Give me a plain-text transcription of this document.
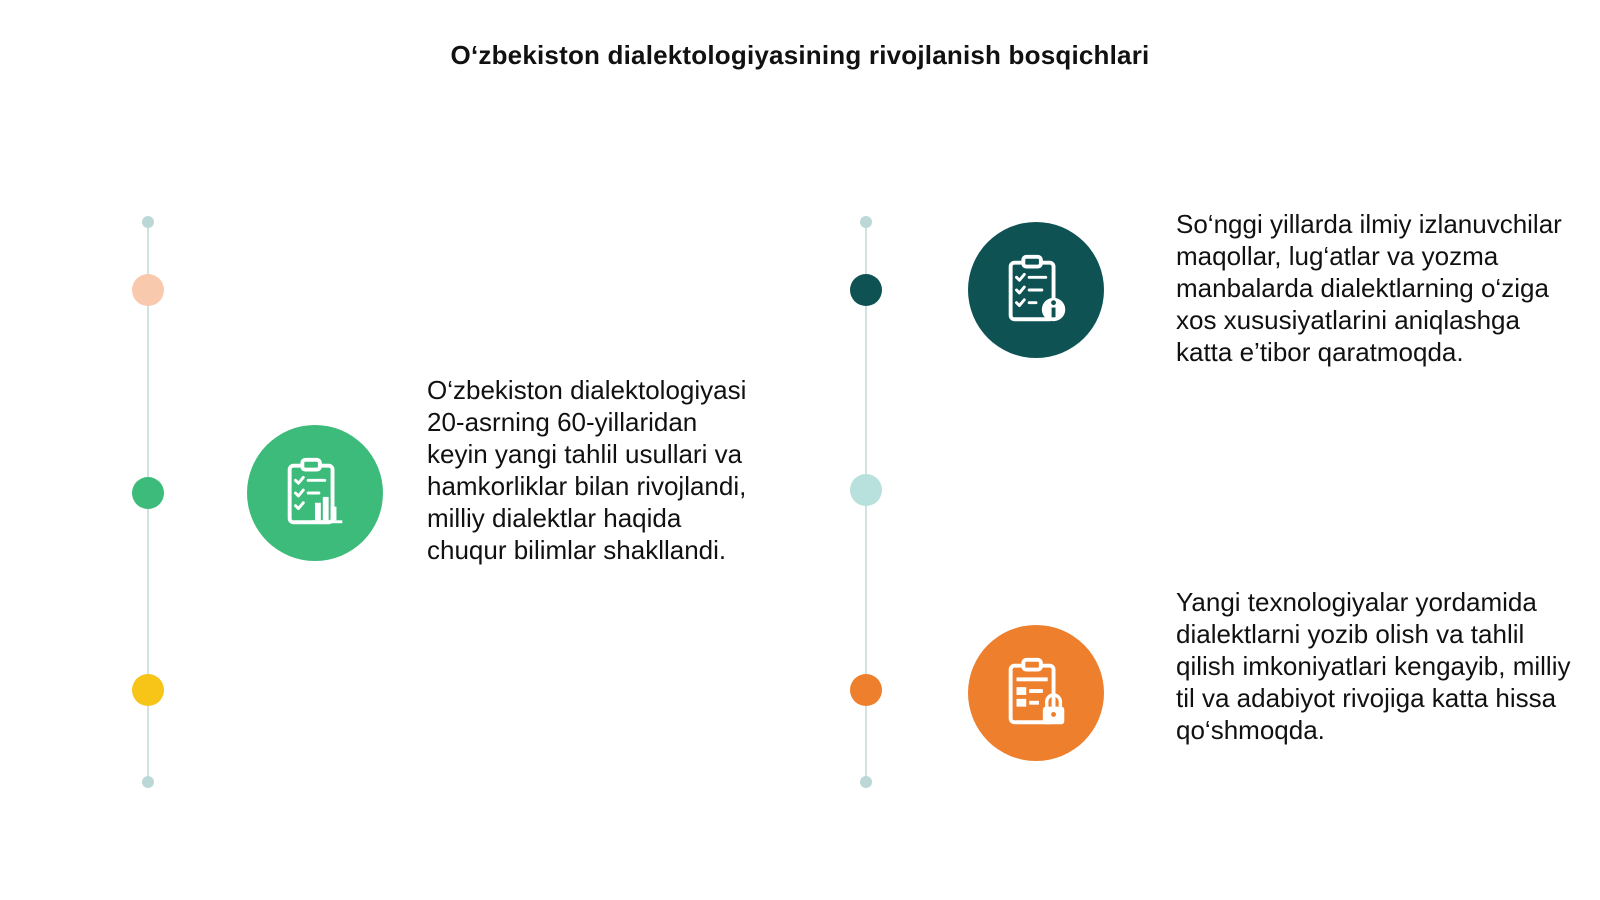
O‘zbekiston dialektologiyasining rivojlanish bosqichlari
O‘zbekiston dialektologiyasi 20-asrning 60-yillaridan keyin yangi tahlil usullari va hamkorliklar bilan rivojlandi, milliy dialektlar haqida chuqur bilimlar shakllandi.
So‘nggi yillarda ilmiy izlanuvchilar maqollar, lug‘atlar va yozma manbalarda dialektlarning o‘ziga xos xususiyatlarini aniqlashga katta e’tibor qaratmoqda.
Yangi texnologiyalar yordamida dialektlarni yozib olish va tahlil qilish imkoniyatlari kengayib, milliy til va adabiyot rivojiga katta hissa qo‘shmoqda.
